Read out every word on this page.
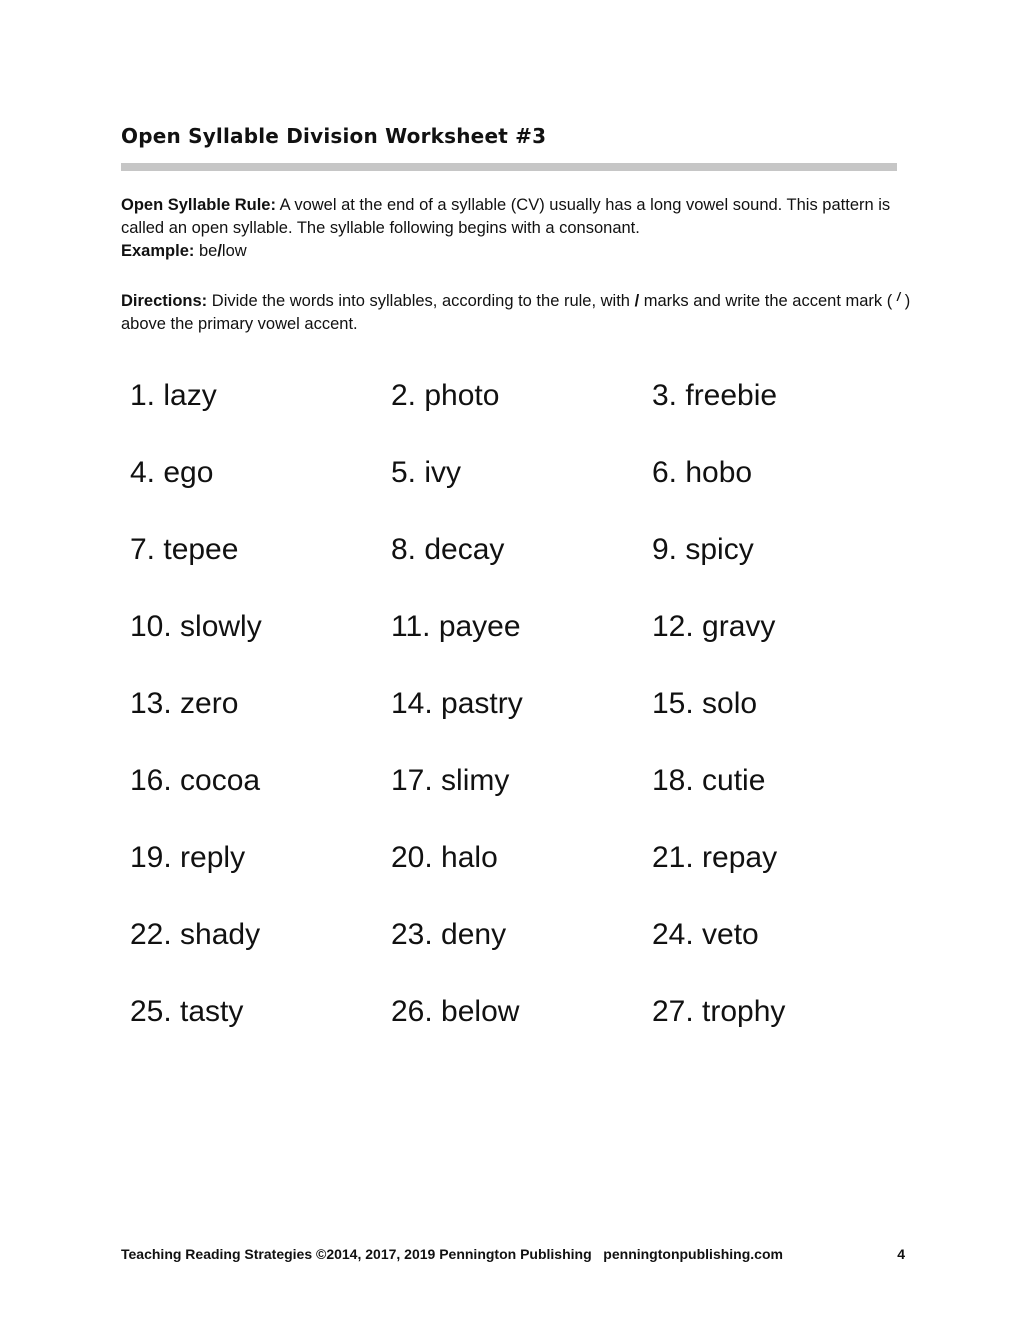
Open Syllable Division Worksheet #3
Open Syllable Rule: A vowel at the end of a syllable (CV) usually has a long vowel sound. This pattern is called an open syllable. The syllable following begins with a consonant.
Example: be/low
Directions: Divide the words into syllables, according to the rule, with / marks and write the accent mark ( / ) above the primary vowel accent.
1. lazy	2. photo	3. freebie
4. ego	5. ivy	6. hobo
7. tepee	8. decay	9. spicy
10. slowly	11. payee	12. gravy
13. zero	14. pastry	15. solo
16. cocoa	17. slimy	18. cutie
19. reply	20. halo	21. repay
22. shady	23. deny	24. veto
25. tasty	26. below	27. trophy
Teaching Reading Strategies ©2014, 2017, 2019 Pennington Publishing   penningtonpublishing.com	4
